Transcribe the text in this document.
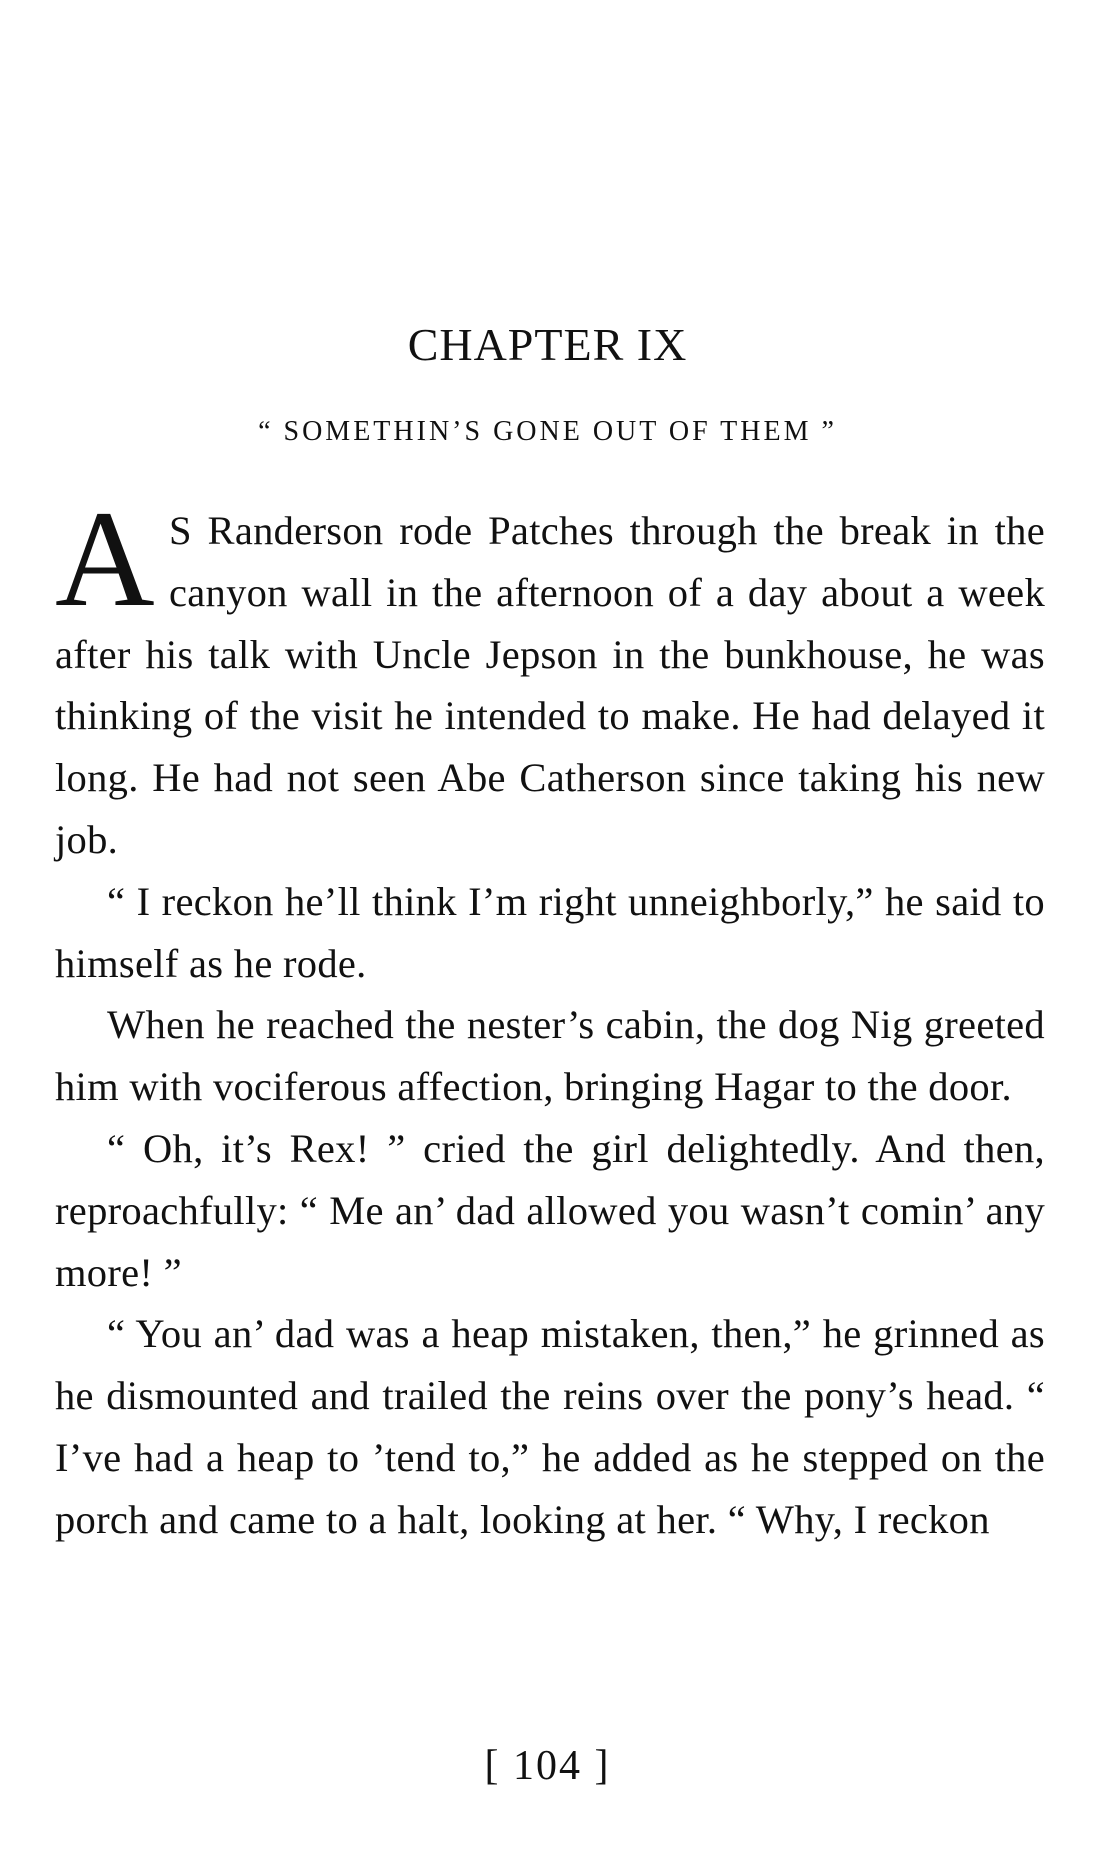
CHAPTER IX
“ SOMETHIN’S GONE OUT OF THEM ”

A S Randerson rode Patches through the break in the canyon wall in the afternoon of a day about a week after his talk with Uncle Jepson in the bunkhouse, he was thinking of the visit he intended to make. He had delayed it long. He had not seen Abe Catherson since taking his new job.

“ I reckon he’ll think I’m right unneighborly,” he said to himself as he rode.

When he reached the nester’s cabin, the dog Nig greeted him with vociferous affection, bringing Hagar to the door.

“ Oh, it’s Rex! ” cried the girl delightedly. And then, reproachfully: “ Me an’ dad allowed you wasn’t comin’ any more! ”

“ You an’ dad was a heap mistaken, then,” he grinned as he dismounted and trailed the reins over the pony’s head. “ I’ve had a heap to ’tend to,” he added as he stepped on the porch and came to a halt, looking at her. “ Why, I reckon

[ 104 ]
